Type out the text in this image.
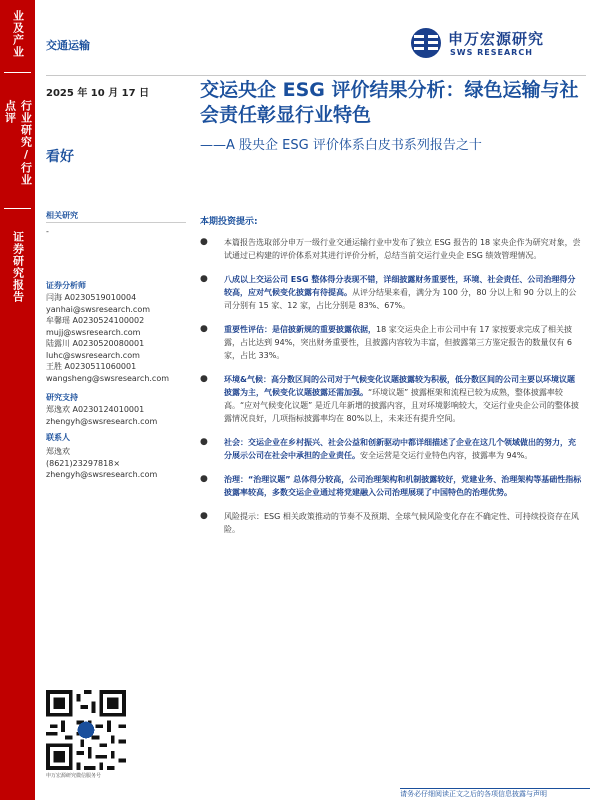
业及产业
行业研究/行业点评
证券研究报告
交通运输	申万宏源研究
SWS RESEARCH
2025 年 10 月 17 日
看好
相关研究
-
证券分析师
闫海 A0230519010004
yanhai@swsresearch.com
牟馨瑶 A0230524100002
mujj@swsresearch.com
陆露川 A0230520080001
luhc@swsresearch.com
王胜 A0230511060001
wangsheng@swsresearch.com
研究支持
郑逸欢 A0230124010001
zhengyh@swsresearch.com
联系人
郑逸欢
(8621)23297818×
zhengyh@swsresearch.com
交运央企 ESG 评价结果分析：绿色运输与社会责任彰显行业特色
——A 股央企 ESG 评价体系白皮书系列报告之十
本期投资提示:
● 本篇报告选取部分申万一级行业交通运输行业中发布了独立 ESG 报告的 18 家央企作为研究对象，尝试通过已构建的评价体系对其进行评价分析，总结当前交运行业央企 ESG 绩效管理情况。
● 八成以上交运公司 ESG 整体得分表现不错，详细披露财务重要性，环境、社会责任、公司治理得分较高，应对气候变化披露有待提高。从评分结果来看，满分为 100 分，80 分以上和 90 分以上的公司分别有 15 家、12 家，占比分别是 83%、67%。
● 重要性评估：是信披新规的重要披露依据，18 家交运央企上市公司中有 17 家按要求完成了相关披露，占比达到 94%，突出财务重要性，且披露内容较为丰富，但披露第三方鉴定报告的数量仅有 6 家，占比 33%。
● 环境&气候：高分数区间的公司对于气候变化议题披露较为积极，低分数区间的公司主要以环境议题披露为主，气候变化议题披露还需加强。“环境议题” 披露框架和流程已较为成熟，整体披露率较高。“应对气候变化议题” 是近几年新增的披露内容，且对环境影响较大，交运行业央企公司的整体披露情况良好，几项指标披露率均在 80%以上，未来还有提升空间。
● 社会：交运企业在乡村振兴、社会公益和创新驱动中都详细描述了企业在这几个领域做出的努力，充分展示公司在社会中承担的企业责任。安全运营是交运行业特色内容，披露率为 94%。
● 治理：“治理议题” 总体得分较高，公司治理架构和机制披露较好，党建业务、治理架构等基础性指标披露率较高，多数交运企业通过将党建融入公司治理展现了中国特色的治理优势。
● 风险提示：ESG 相关政策推动的节奏不及预期、全球气候风险变化存在不确定性、可持续投资存在风险。
申万宏源研究微信服务号
请务必仔细阅读正文之后的各项信息披露与声明
